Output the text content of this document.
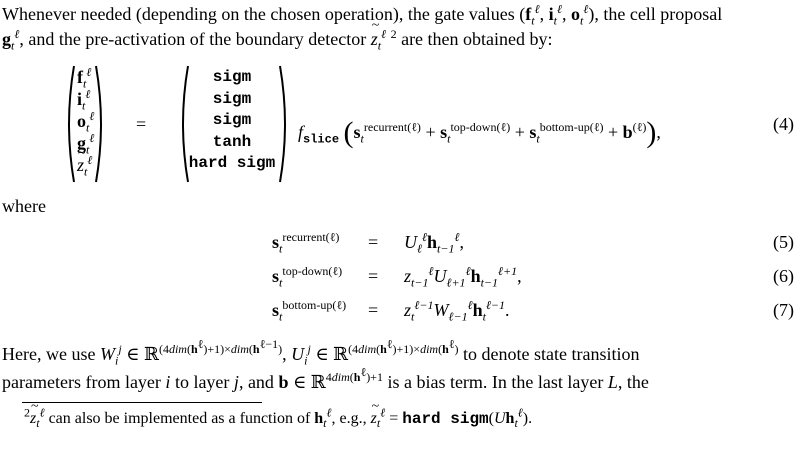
Whenever needed (depending on the chosen operation), the gate values ($f_t^\ell$, $i_t^\ell$, $o_t^\ell$), the cell proposal
$g_t^\ell$, and the pre-activation of the boundary detector ~ $z_t^\ell$ $^2$ are then obtained by:
$f_t^\ell$
$i_t^\ell$
$o_t^\ell$
$g_t^\ell$
~ $z_t^\ell$
=
sigm
sigm
sigm
tanh
hard sigm
$f_{slice}$ $(s_t^{recurrent(\ell)} + s_t^{top-down(\ell)} + s_t^{bottom-up(\ell)} + b^{(\ell)})$,	(4)
where
$s_t^{recurrent(\ell)} = U_\ell^\ell h_{t-1}^\ell$,	(5)
$s_t^{top-down(\ell)} = z_{t-1}^\ell U_{\ell+1}^\ell h_{t-1}^{\ell+1}$,	(6)
$s_t^{bottom-up(\ell)} = z_t^{\ell-1}W_{\ell-1}^\ell h_t^{\ell-1}$.	(7)
Here, we use $W_i^j$ ∈ ℝ$^{(4dim(h^\ell)+1)\times dim(h^{\ell-1})}$, $U_i^j$ ∈ ℝ$^{(4dim(h^\ell)+1)\times dim(h^\ell)}$ to denote state transition
parameters from layer i to layer j, and b ∈ ℝ$^{4dim(h^\ell)+1}$ is a bias term. In the last layer L, the
$^2$~ $z_t^\ell$ can also be implemented as a function of $h_t^\ell$, e.g., ~ $z_t^\ell$ = hard $sigm(Uh_t^\ell)$.
